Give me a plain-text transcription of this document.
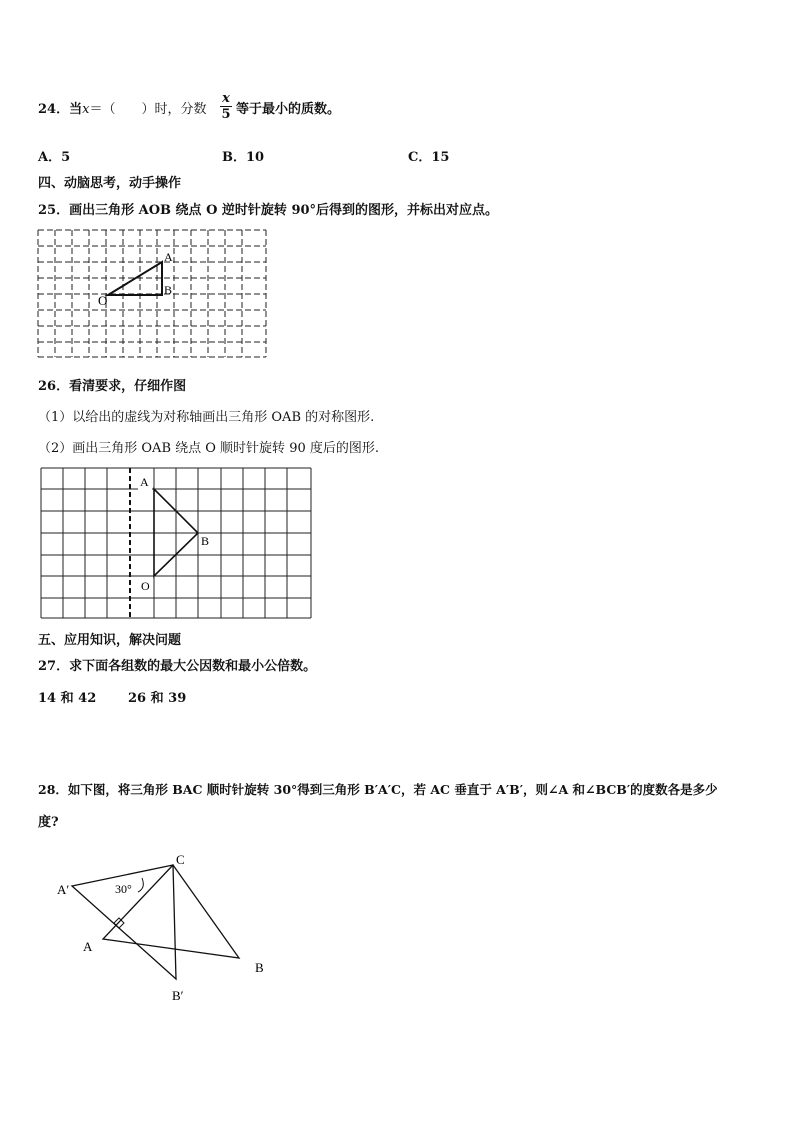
24．当x＝（　　）时，分数
x
5 等于最小的质数。
A．5	B．10	C．15
四、动脑思考，动手操作
25．画出三角形 AOB 绕点 O 逆时针旋转 90°后得到的图形，并标出对应点。
A
B
O
26．看清要求，仔细作图
（1）以给出的虚线为对称轴画出三角形 OAB 的对称图形.
（2）画出三角形 OAB 绕点 O 顺时针旋转 90 度后的图形.
A
B
O
五、应用知识，解决问题
27．求下面各组数的最大公因数和最小公倍数。
14 和 42 26 和 39
28．如下图，将三角形 BAC 顺时针旋转 30°得到三角形 B′A′C，若 AC 垂直于 A′B′，则∠A 和∠BCB′的度数各是多少
度?
C
A′	30°
A
B
B′
